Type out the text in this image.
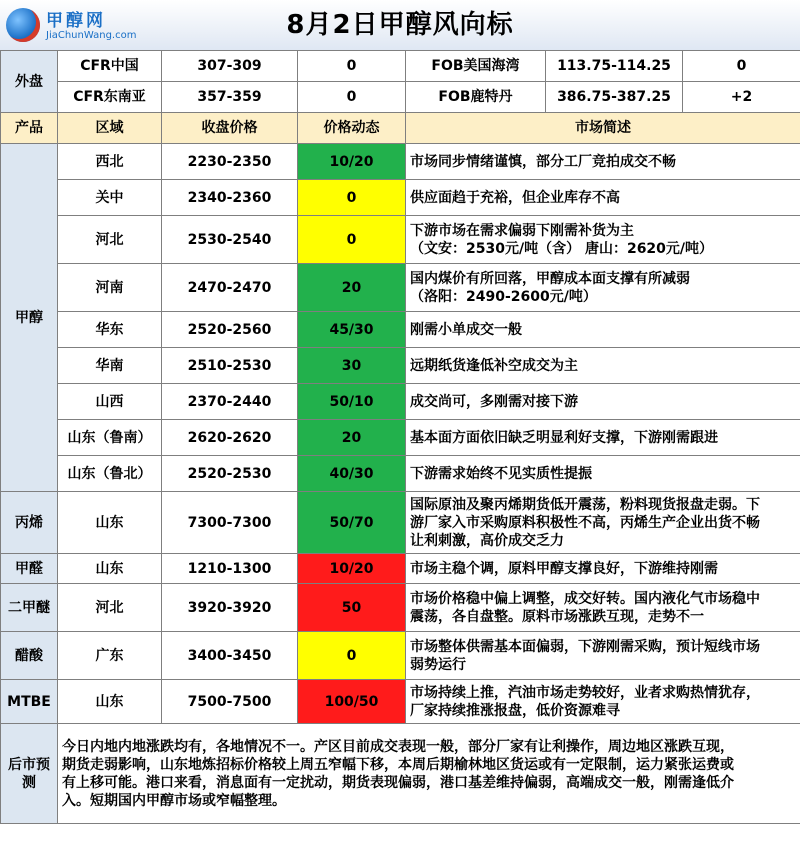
甲醇网
JiaChunWang.com	8月2日甲醇风向标
外盘	CFR中国	307-309	0	FOB美国海湾	113.75-114.25	0
	CFR东南亚	357-359	0	FOB鹿特丹	386.75-387.25	+2
产品	区域	收盘价格	价格动态	市场简述		
甲醇	西北	2230-2350	10/20	市场同步情绪谨慎，部分工厂竞拍成交不畅		

	关中	2340-2360	0	供应面趋于充裕，但企业库存不高		

	河北	2530-2540	0	下游市场在需求偏弱下刚需补货为主
（文安：2530元/吨（含） 唐山：2620元/吨）		

	河南	2470-2470	20	国内煤价有所回落，甲醇成本面支撑有所减弱
（洛阳：2490-2600元/吨）		

	华东	2520-2560	45/30	刚需小单成交一般		

	华南	2510-2530	30	远期纸货逢低补空成交为主		

	山西	2370-2440	50/10	成交尚可，多刚需对接下游		

	山东（鲁南）	2620-2620	20	基本面方面依旧缺乏明显利好支撑，下游刚需跟进		

	山东（鲁北）	2520-2530	40/30	下游需求始终不见实质性提振		

丙烯	山东	7300-7300	50/70	国际原油及聚丙烯期货低开震荡，粉料现货报盘走弱。下
游厂家入市采购原料积极性不高，丙烯生产企业出货不畅
让利刺激，高价成交乏力		

甲醛	山东	1210-1300	10/20	市场主稳个调，原料甲醇支撑良好，下游维持刚需		

二甲醚	河北	3920-3920	50	市场价格稳中偏上调整，成交好转。国内液化气市场稳中
震荡，各自盘整。原料市场涨跌互现，走势不一		

醋酸	广东	3400-3450	0	市场整体供需基本面偏弱，下游刚需采购，预计短线市场
弱势运行		

MTBE	山东	7500-7500	100/50	市场持续上推，汽油市场走势较好，业者求购热情犹存，
厂家持续推涨报盘，低价资源难寻		

后市预测	今日内地内地涨跌均有，各地情况不一。产区目前成交表现一般，部分厂家有让利操作，周边地区涨跌互现，
期货走弱影响，山东地炼招标价格较上周五窄幅下移，本周后期榆林地区货运或有一定限制，运力紧张运费或
有上移可能。港口来看，消息面有一定扰动，期货表现偏弱，港口基差维持偏弱，高端成交一般，刚需逢低介
入。短期国内甲醇市场或窄幅整理。					
